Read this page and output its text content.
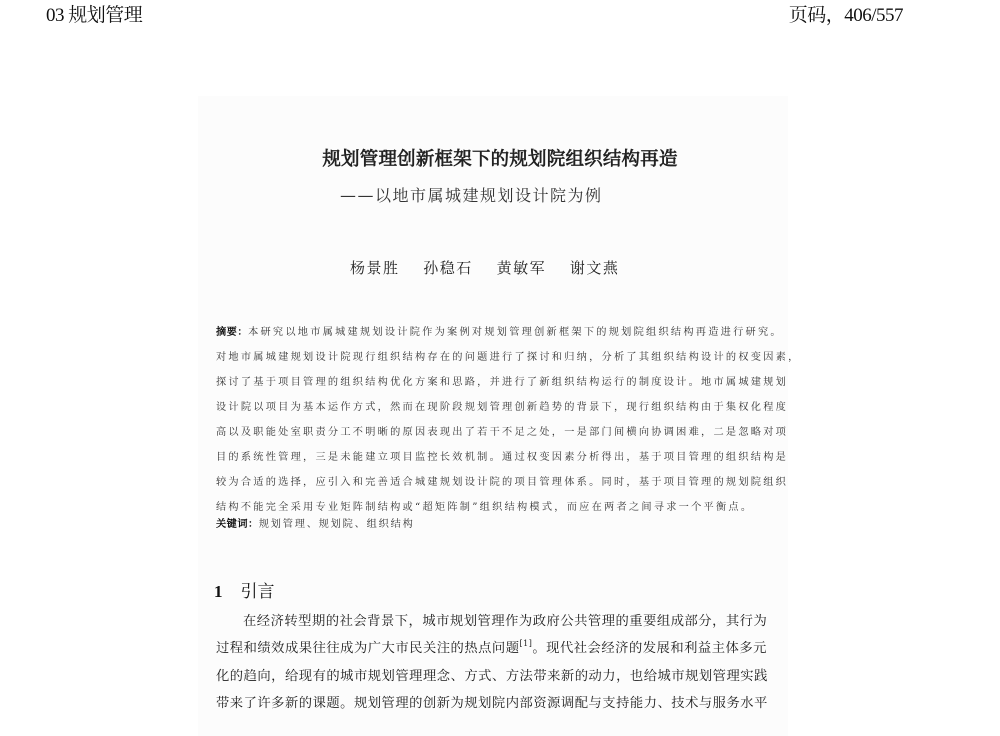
03 规划管理	页码，406/557
规划管理创新框架下的规划院组织结构再造
——以地市属城建规划设计院为例
杨景胜 孙稳石 黄敏军 谢文燕
摘要：本研究以地市属城建规划设计院作为案例对规划管理创新框架下的规划院组织结构再造进行研究。
对地市属城建规划设计院现行组织结构存在的问题进行了探讨和归纳，分析了其组织结构设计的权变因素，
探讨了基于项目管理的组织结构优化方案和思路，并进行了新组织结构运行的制度设计。地市属城建规划
设计院以项目为基本运作方式，然而在现阶段规划管理创新趋势的背景下，现行组织结构由于集权化程度
高以及职能处室职责分工不明晰的原因表现出了若干不足之处，一是部门间横向协调困难，二是忽略对项
目的系统性管理，三是未能建立项目监控长效机制。通过权变因素分析得出，基于项目管理的组织结构是
较为合适的选择，应引入和完善适合城建规划设计院的项目管理体系。同时，基于项目管理的规划院组织
结构不能完全采用专业矩阵制结构或“超矩阵制”组织结构模式，而应在两者之间寻求一个平衡点。
关键词：规划管理、规划院、组织结构
1 引言
在经济转型期的社会背景下，城市规划管理作为政府公共管理的重要组成部分，其行为
过程和绩效成果往往成为广大市民关注的热点问题[1]。现代社会经济的发展和利益主体多元
化的趋向，给现有的城市规划管理理念、方式、方法带来新的动力，也给城市规划管理实践
带来了许多新的课题。规划管理的创新为规划院内部资源调配与支持能力、技术与服务水平
